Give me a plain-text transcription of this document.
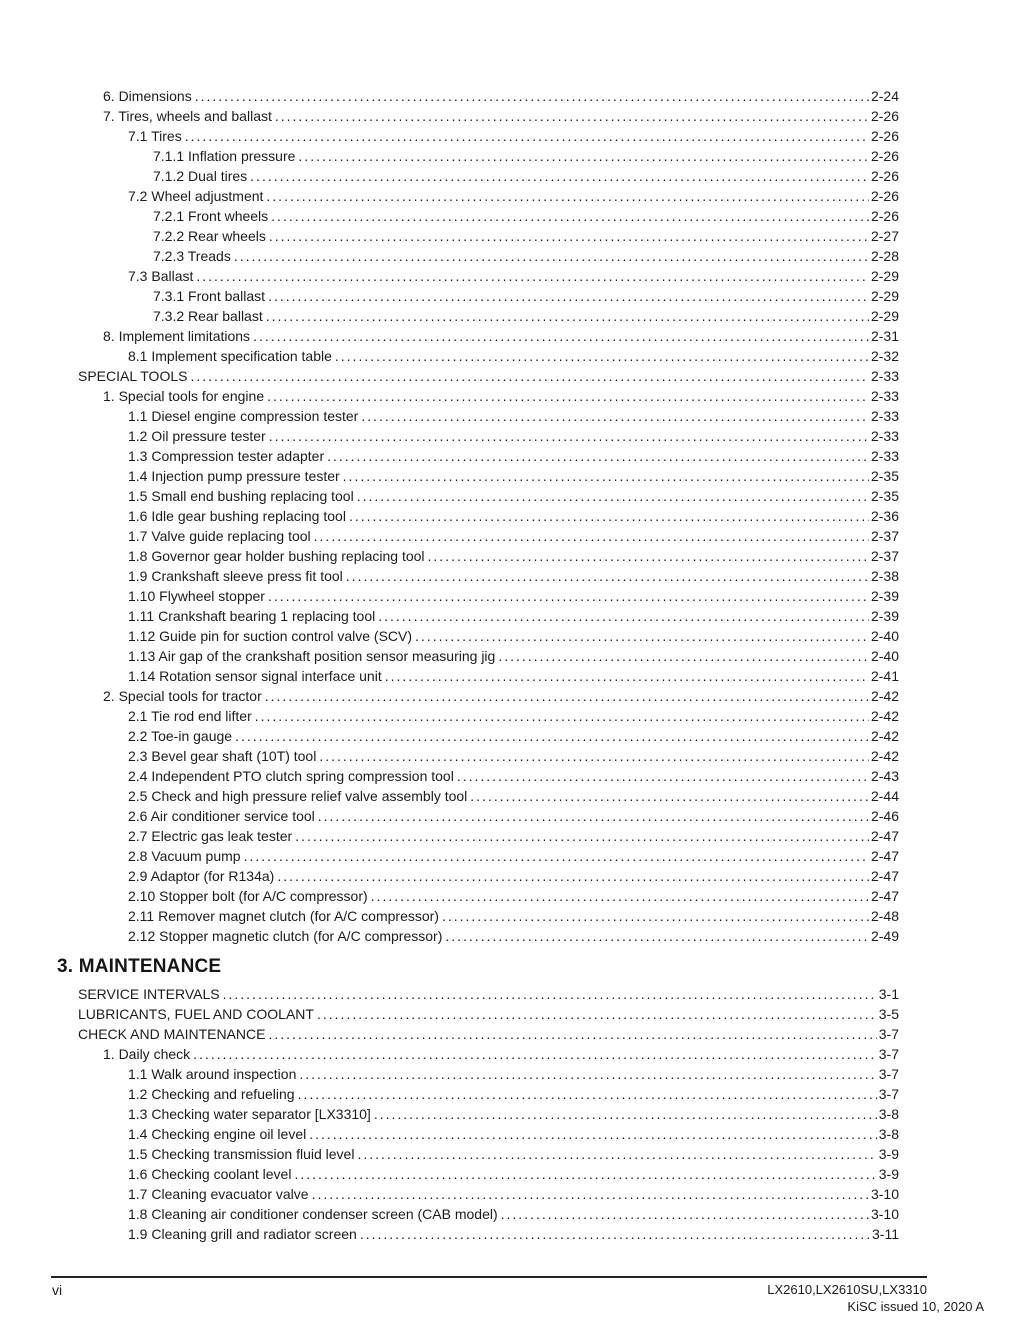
6. Dimensions .....	2-24
7. Tires, wheels and ballast .....	2-26
7.1 Tires .....	2-26
7.1.1 Inflation pressure .....	2-26
7.1.2 Dual tires .....	2-26
7.2 Wheel adjustment .....	2-26
7.2.1 Front wheels .....	2-26
7.2.2 Rear wheels .....	2-27
7.2.3 Treads .....	2-28
7.3 Ballast .....	2-29
7.3.1 Front ballast .....	2-29
7.3.2 Rear ballast .....	2-29
8. Implement limitations .....	2-31
8.1 Implement specification table .....	2-32
SPECIAL TOOLS .....	2-33
1. Special tools for engine .....	2-33
1.1 Diesel engine compression tester .....	2-33
1.2 Oil pressure tester .....	2-33
1.3 Compression tester adapter .....	2-33
1.4 Injection pump pressure tester .....	2-35
1.5 Small end bushing replacing tool .....	2-35
1.6 Idle gear bushing replacing tool .....	2-36
1.7 Valve guide replacing tool .....	2-37
1.8 Governor gear holder bushing replacing tool .....	2-37
1.9 Crankshaft sleeve press fit tool .....	2-38
1.10 Flywheel stopper .....	2-39
1.11 Crankshaft bearing 1 replacing tool .....	2-39
1.12 Guide pin for suction control valve (SCV) .....	2-40
1.13 Air gap of the crankshaft position sensor measuring jig .....	2-40
1.14 Rotation sensor signal interface unit .....	2-41
2. Special tools for tractor .....	2-42
2.1 Tie rod end lifter .....	2-42
2.2 Toe-in gauge .....	2-42
2.3 Bevel gear shaft (10T) tool .....	2-42
2.4 Independent PTO clutch spring compression tool .....	2-43
2.5 Check and high pressure relief valve assembly tool .....	2-44
2.6 Air conditioner service tool .....	2-46
2.7 Electric gas leak tester .....	2-47
2.8 Vacuum pump .....	2-47
2.9 Adaptor (for R134a) .....	2-47
2.10 Stopper bolt (for A/C compressor) .....	2-47
2.11 Remover magnet clutch (for A/C compressor) .....	2-48
2.12 Stopper magnetic clutch (for A/C compressor) .....	2-49
3. MAINTENANCE
SERVICE INTERVALS .....	3-1
LUBRICANTS, FUEL AND COOLANT .....	3-5
CHECK AND MAINTENANCE .....	3-7
1. Daily check .....	3-7
1.1 Walk around inspection .....	3-7
1.2 Checking and refueling .....	3-7
1.3 Checking water separator [LX3310] .....	3-8
1.4 Checking engine oil level .....	3-8
1.5 Checking transmission fluid level .....	3-9
1.6 Checking coolant level .....	3-9
1.7 Cleaning evacuator valve .....	3-10
1.8 Cleaning air conditioner condenser screen (CAB model) .....	3-10
1.9 Cleaning grill and radiator screen .....	3-11
vi	LX2610,LX2610SU,LX3310
KiSC issued 10, 2020 A
